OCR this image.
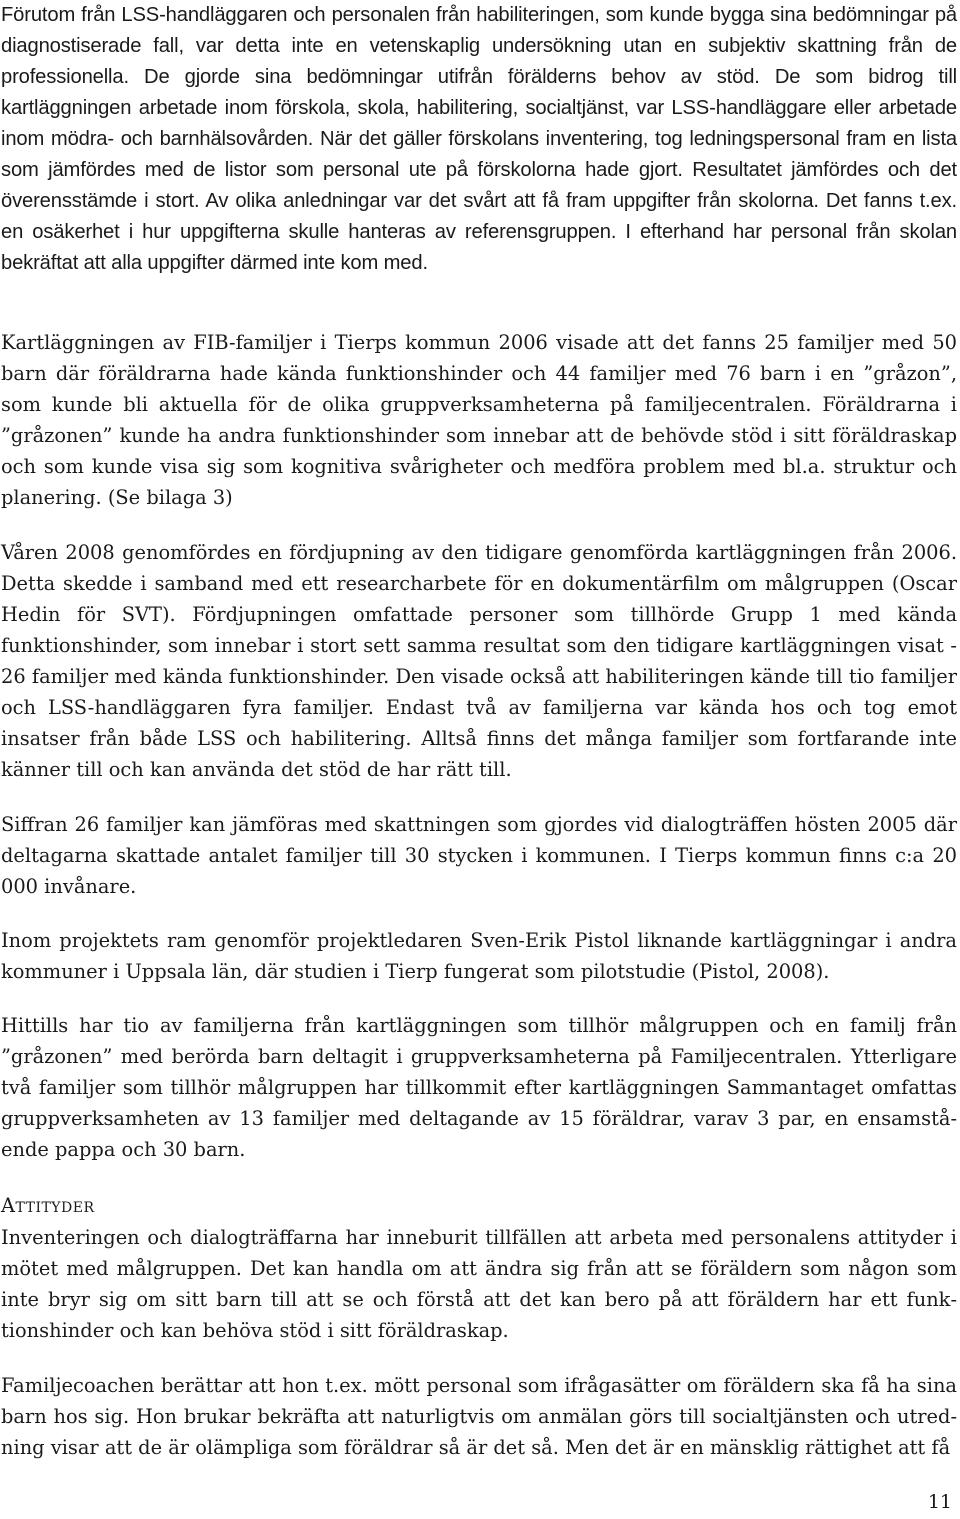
Förutom från LSS-handläggaren och personalen från habiliteringen, som kunde bygga sina bedömningar på diagnostiserade fall, var detta inte en vetenskaplig undersökning utan en subjektiv skattning från de professionella. De gjorde sina bedömningar utifrån förälderns behov av stöd. De som bidrog till kartläggningen arbetade inom förskola, skola, habilitering, socialtjänst, var LSS-handläggare eller arbetade inom mödra- och barnhälsovården. När det gäller förskolans inventering, tog ledningspersonal fram en lista som jämfördes med de listor som personal ute på förskolorna hade gjort. Resultatet jämfördes och det överensstämde i stort. Av olika anledningar var det svårt att få fram uppgifter från skolorna. Det fanns t.ex. en osäkerhet i hur uppgifterna skulle hanteras av referensgruppen. I efterhand har personal från skolan bekräftat att alla uppgifter därmed inte kom med.

Kartläggningen av FIB-familjer i Tierps kommun 2006 visade att det fanns 25 familjer med 50 barn där föräldrarna hade kända funktionshinder och 44 familjer med 76 barn i en ”gråzon”, som kunde bli aktuella för de olika gruppverksamheterna på familjecentralen. Föräldrarna i ”gråzonen” kunde ha andra funktionshinder som innebar att de behövde stöd i sitt föräldraskap och som kunde visa sig som kognitiva svårigheter och medföra problem med bl.a. struktur och planering. (Se bilaga 3)

Våren 2008 genomfördes en fördjupning av den tidigare genomförda kartläggningen från 2006. Detta skedde i samband med ett researcharbete för en dokumentärfilm om målgruppen (Oscar Hedin för SVT). Fördjupningen omfattade personer som tillhörde Grupp 1 med kända funktionshinder, som innebar i stort sett samma resultat som den tidigare kartläggningen visat - 26 familjer med kända funktionshinder. Den visade också att habiliteringen kände till tio familjer och LSS-handläggaren fyra familjer. Endast två av familjerna var kända hos och tog emot insatser från både LSS och habilitering. Alltså finns det många familjer som fortfarande inte känner till och kan använda det stöd de har rätt till.

Siffran 26 familjer kan jämföras med skattningen som gjordes vid dialogträffen hösten 2005 där deltagarna skattade antalet familjer till 30 stycken i kommunen. I Tierps kommun finns c:a 20 000 invånare.

Inom projektets ram genomför projektledaren Sven-Erik Pistol liknande kartläggningar i andra kommuner i Uppsala län, där studien i Tierp fungerat som pilotstudie (Pistol, 2008).

Hittills har tio av familjerna från kartläggningen som tillhör målgruppen och en familj från ”gråzonen” med berörda barn deltagit i gruppverksamheterna på Familjecentralen. Ytterligare två familjer som tillhör målgruppen har tillkommit efter kartläggningen Sammantaget omfattas gruppverksamheten av 13 familjer med deltagande av 15 föräldrar, varav 3 par, en ensamstående pappa och 30 barn.

Attityder

Inventeringen och dialogträffarna har inneburit tillfällen att arbeta med personalens attityder i mötet med målgruppen. Det kan handla om att ändra sig från att se föräldern som någon som inte bryr sig om sitt barn till att se och förstå att det kan bero på att föräldern har ett funktionshinder och kan behöva stöd i sitt föräldraskap.

Familjecoachen berättar att hon t.ex. mött personal som ifrågasätter om föräldern ska få ha sina barn hos sig. Hon brukar bekräfta att naturligtvis om anmälan görs till socialtjänsten och utredning visar att de är olämpliga som föräldrar så är det så. Men det är en mänsklig rättighet att få

11
